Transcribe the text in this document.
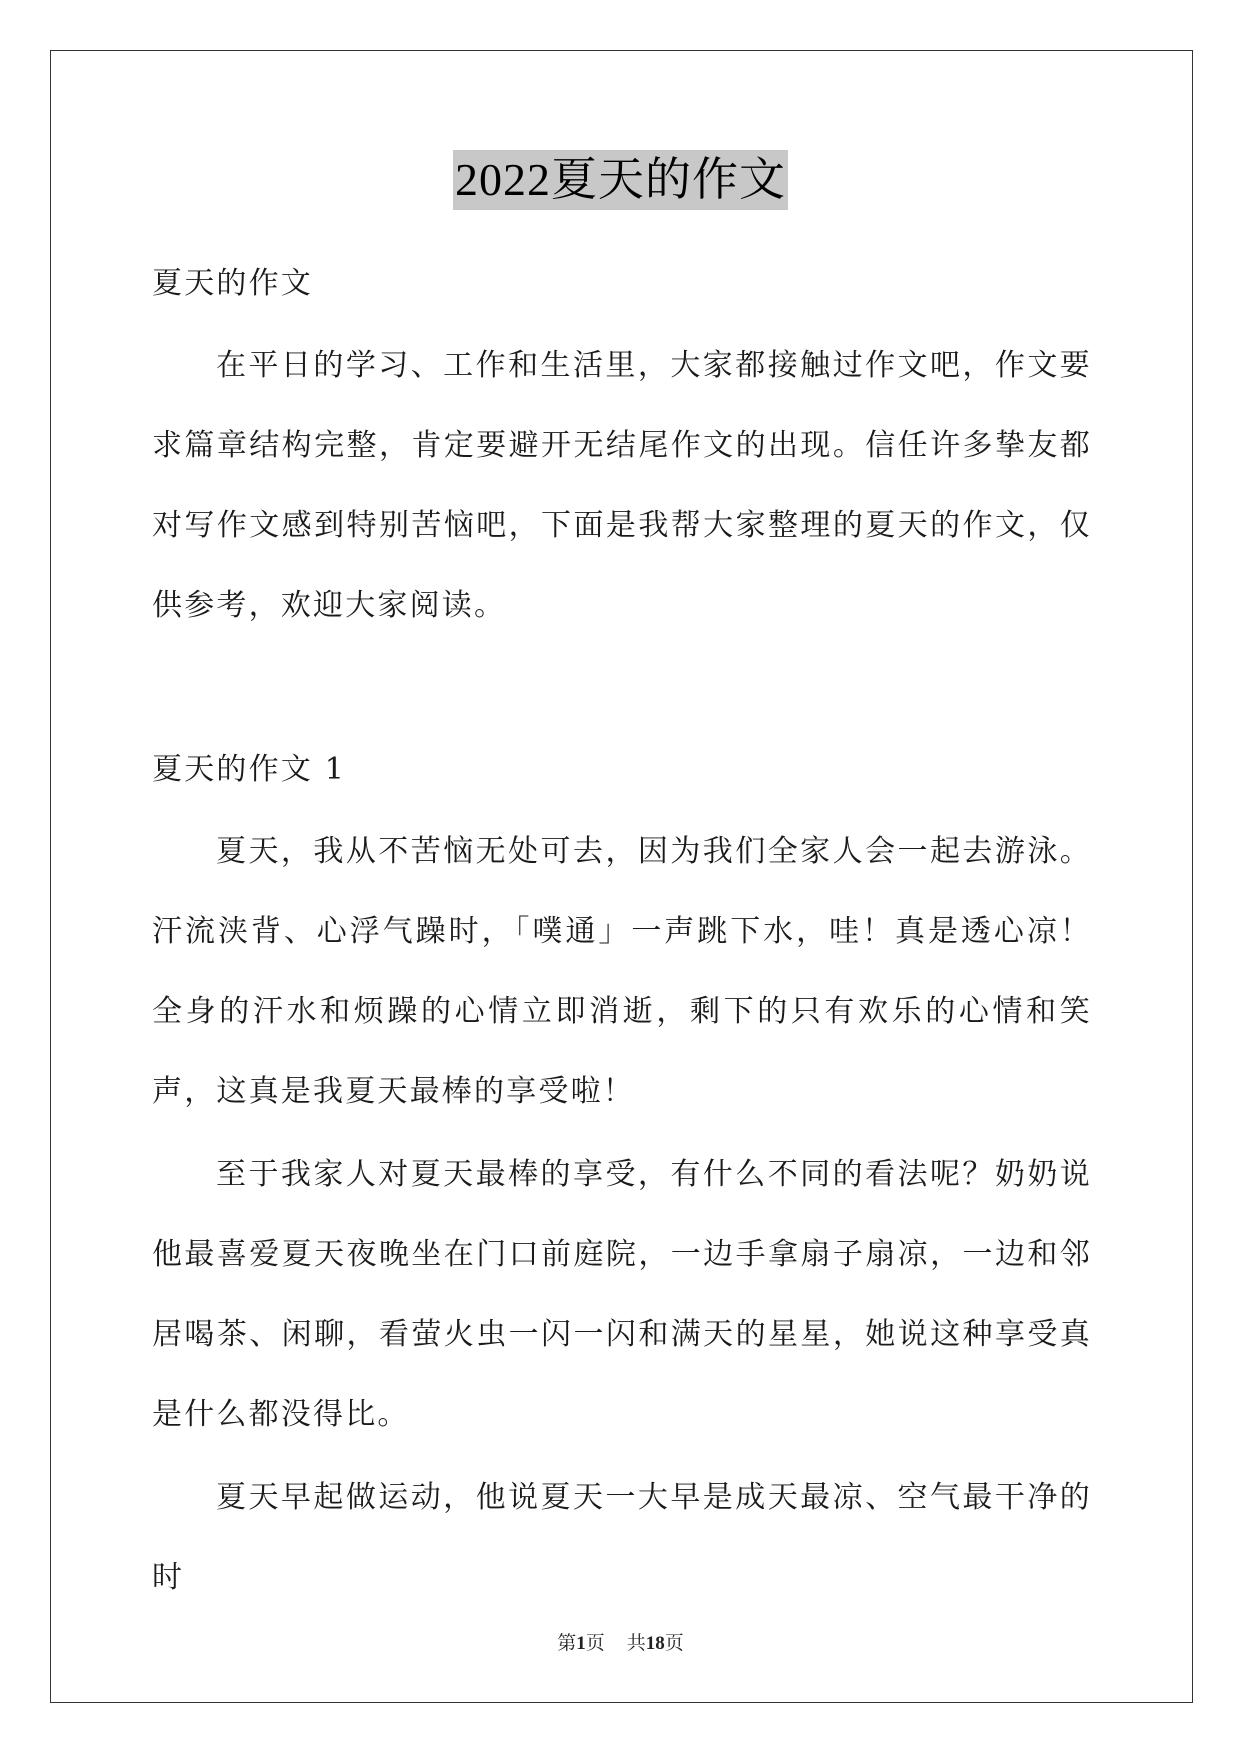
2022夏天的作文

夏天的作文

在平日的学习、工作和生活里，大家都接触过作文吧，作文要求篇章结构完整，肯定要避开无结尾作文的出现。信任许多挚友都对写作文感到特别苦恼吧，下面是我帮大家整理的夏天的作文，仅供参考，欢迎大家阅读。

夏天的作文 1

夏天，我从不苦恼无处可去，因为我们全家人会一起去游泳。汗流浃背、心浮气躁时，「噗通」一声跳下水，哇！真是透心凉！全身的汗水和烦躁的心情立即消逝，剩下的只有欢乐的心情和笑声，这真是我夏天最棒的享受啦！

至于我家人对夏天最棒的享受，有什么不同的看法呢？奶奶说他最喜爱夏天夜晚坐在门口前庭院，一边手拿扇子扇凉，一边和邻居喝茶、闲聊，看萤火虫一闪一闪和满天的星星，她说这种享受真是什么都没得比。

夏天早起做运动，他说夏天一大早是成天最凉、空气最干净的时

第1页 共18页
